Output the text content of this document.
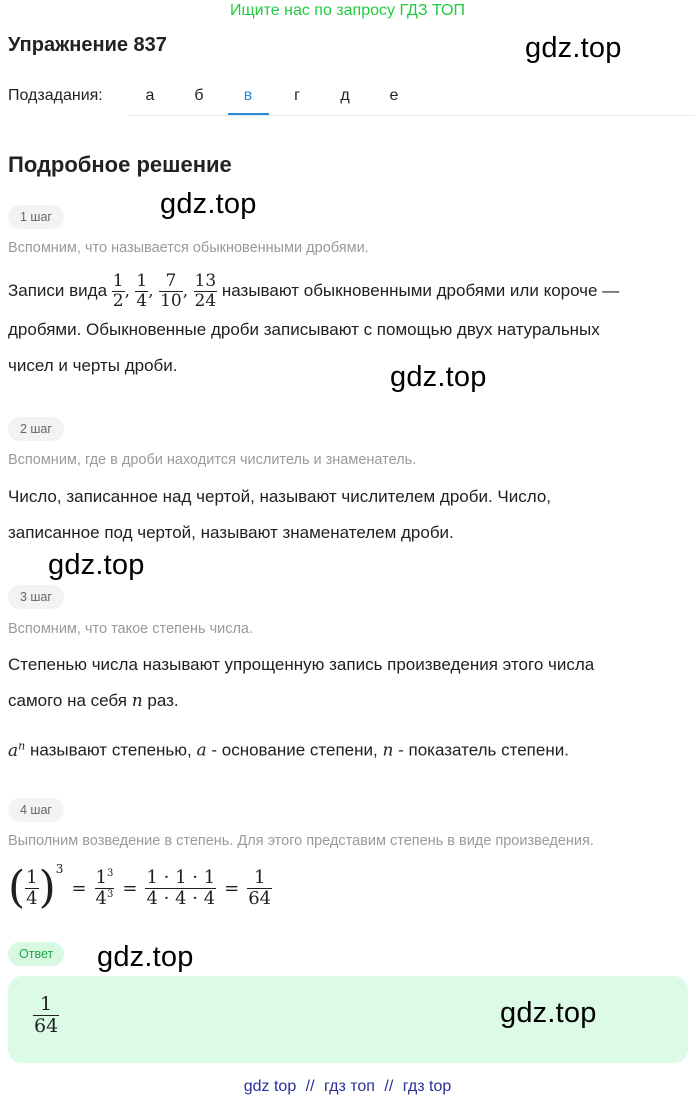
Ищите нас по запросу ГДЗ ТОП
Упражнение 837	gdz.top
Подзадания:	а	б	в	г	д	е
Подробное решение
1 шаг	gdz.top
Вспомним, что называется обыкновенными дробями.
Записи вида $\frac{1}{2}$ , $\frac{1}{4}$ , $\frac{7}{10}$ , $\frac{13}{24}$ называют обыкновенными дробями или короче —
дробями. Обыкновенные дроби записывают с помощью двух натуральных
чисел и черты дроби.	gdz.top
2 шаг
Вспомним, где в дроби находится числитель и знаменатель.
Число, записанное над чертой, называют числителем дроби. Число,
записанное под чертой, называют знаменателем дроби.
gdz.top
3 шаг
Вспомним, что такое степень числа.
Степенью числа называют упрощенную запись произведения этого числа
самого на себя n раз.
$a^n$ называют степенью, a - основание степени, n - показатель степени.
4 шаг
Выполним возведение в степень. Для этого представим степень в виде произведения.
( $\frac{1}{4} )^3$
= $\frac{1^3}{4^3} = \frac{1 \cdot 1 \cdot 1}{4 \cdot 4 \cdot 4} = \frac{1}{64}$
Ответ	gdz.top
$\frac{1}{64}$	gdz.top
gdz top // гдз топ // гдз top
